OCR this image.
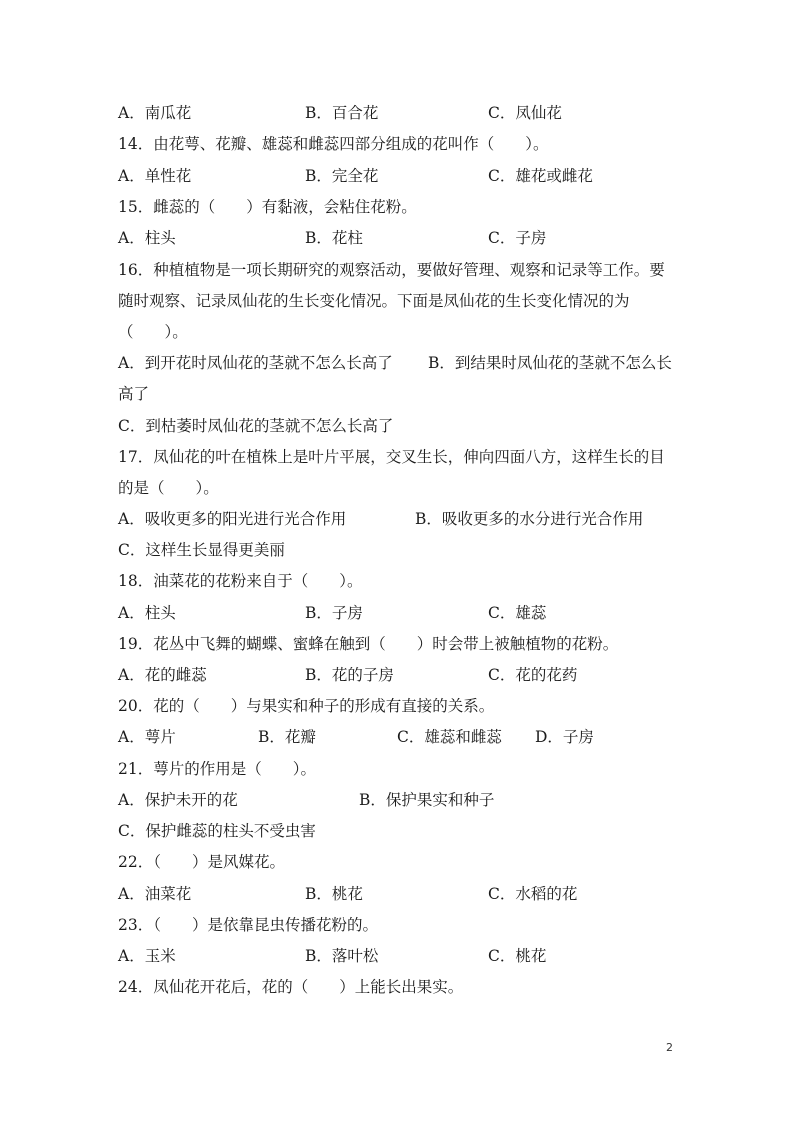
A．南瓜花	B．百合花	C．凤仙花
14．由花萼、花瓣、雄蕊和雌蕊四部分组成的花叫作（　　）。
A．单性花	B．完全花	C．雄花或雌花
15．雌蕊的（　　）有黏液，会粘住花粉。
A．柱头	B．花柱	C．子房
16．种植植物是一项长期研究的观察活动，要做好管理、观察和记录等工作。要
随时观察、记录凤仙花的生长变化情况。下面是凤仙花的生长变化情况的为
（　　）。
A．到开花时凤仙花的茎就不怎么长高了 B．到结果时凤仙花的茎就不怎么长
高了
C．到枯萎时凤仙花的茎就不怎么长高了
17．凤仙花的叶在植株上是叶片平展，交叉生长，伸向四面八方，这样生长的目
的是（　　）。
A．吸收更多的阳光进行光合作用	B．吸收更多的水分进行光合作用
C．这样生长显得更美丽
18．油菜花的花粉来自于（　　）。
A．柱头	B．子房	C．雄蕊
19．花丛中飞舞的蝴蝶、蜜蜂在触到（　　）时会带上被触植物的花粉。
A．花的雌蕊	B．花的子房	C．花的花药
20．花的（　　）与果实和种子的形成有直接的关系。
A．萼片	B．花瓣	C．雄蕊和雌蕊 D．子房
21．萼片的作用是（　　）。
A．保护未开的花	B．保护果实和种子
C．保护雌蕊的柱头不受虫害
22．（　　）是风媒花。
A．油菜花	B．桃花	C．水稻的花
23．（　　）是依靠昆虫传播花粉的。
A．玉米	B．落叶松	C．桃花
24．凤仙花开花后，花的（　　）上能长出果实。
2
